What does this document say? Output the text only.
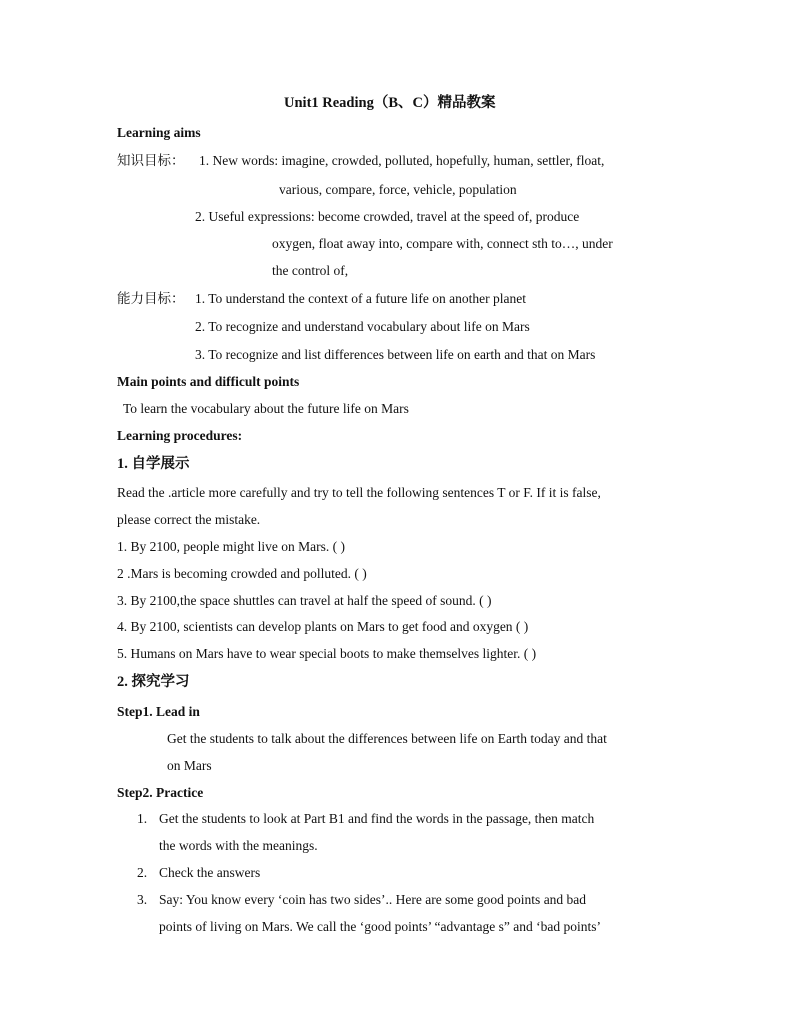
Unit1 Reading（B、C）精品教案
Learning aims
知识目标： 1. New words: imagine, crowded, polluted, hopefully, human, settler, float,
various, compare, force, vehicle, population
2. Useful expressions: become crowded, travel at the speed of, produce
oxygen, float away into, compare with, connect sth to…, under
the control of,
能力目标： 1. To understand the context of a future life on another planet
2. To recognize and understand vocabulary about life on Mars
3. To recognize and list differences between life on earth and that on Mars
Main points and difficult points
To learn the vocabulary about the future life on Mars
Learning procedures:
1. 自学展示
Read the .article more carefully and try to tell the following sentences T or F. If it is false,
please correct the mistake.
1. By 2100, people might live on Mars. ( )
2 .Mars is becoming crowded and polluted. ( )
3. By 2100,the space shuttles can travel at half the speed of sound. ( )
4. By 2100, scientists can develop plants on Mars to get food and oxygen ( )
5. Humans on Mars have to wear special boots to make themselves lighter. ( )
2. 探究学习
Step1. Lead in
Get the students to talk about the differences between life on Earth today and that
on Mars
Step2. Practice
1. Get the students to look at Part B1 and find the words in the passage, then match
the words with the meanings.
2. Check the answers
3. Say: You know every ‘coin has two sides’.. Here are some good points and bad
points of living on Mars. We call the ‘good points’ “advantage s” and ‘bad points’
